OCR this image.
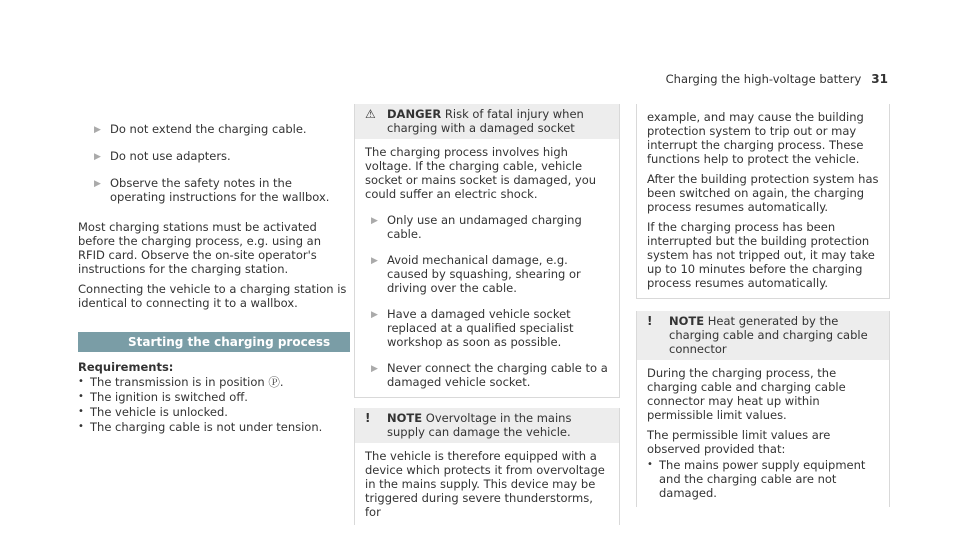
Charging the high-voltage battery 31
▶ Do not extend the charging cable.
▶ Do not use adapters.
▶ Observe the safety notes in the operating instructions for the wallbox.

Most charging stations must be activated before the charging process, e.g. using an RFID card. Observe the on-site operator's instructions for the charging station.

Connecting the vehicle to a charging station is identical to connecting it to a wallbox.

Starting the charging process
Requirements:
• The transmission is in position Ⓟ.
• The ignition is switched off.
• The vehicle is unlocked.
• The charging cable is not under tension.
⚠ DANGER Risk of fatal injury when charging with a damaged socket

The charging process involves high voltage. If the charging cable, vehicle socket or mains socket is damaged, you could suffer an electric shock.

▶ Only use an undamaged charging cable.
▶ Avoid mechanical damage, e.g. caused by squashing, shearing or driving over the cable.
▶ Have a damaged vehicle socket replaced at a qualified specialist workshop as soon as possible.
▶ Never connect the charging cable to a damaged vehicle socket.
!	NOTE Overvoltage in the mains supply can damage the vehicle.

The vehicle is therefore equipped with a device which protects it from overvoltage in the mains supply. This device may be triggered during severe thunderstorms, for

example, and may cause the building protection system to trip out or may interrupt the charging process. These functions help to protect the vehicle.

After the building protection system has been switched on again, the charging process resumes automatically.

If the charging process has been interrupted but the building protection system has not tripped out, it may take up to 10 minutes before the charging process resumes automatically.

!	NOTE Heat generated by the charging cable and charging cable connector

During the charging process, the charging cable and charging cable connector may heat up within permissible limit values.

The permissible limit values are observed provided that:

• The mains power supply equipment and the charging cable are not damaged.
